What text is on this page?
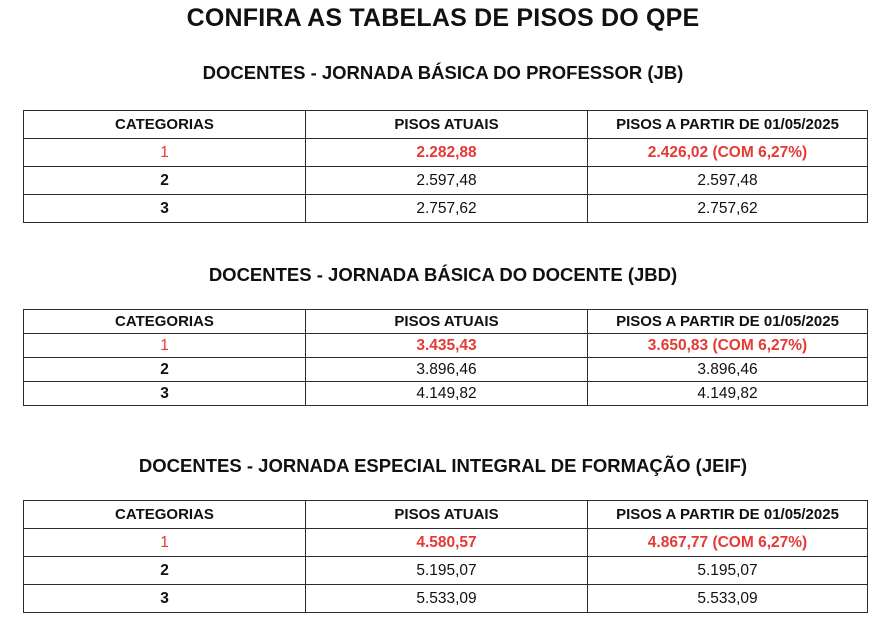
CONFIRA AS TABELAS DE PISOS DO QPE
DOCENTES - JORNADA BÁSICA DO PROFESSOR (JB)
CATEGORIAS	PISOS ATUAIS	PISOS A PARTIR DE 01/05/2025
1	2.282,88	2.426,02 (COM 6,27%)
2	2.597,48	2.597,48
3	2.757,62	2.757,62
DOCENTES - JORNADA BÁSICA DO DOCENTE (JBD)
CATEGORIAS	PISOS ATUAIS	PISOS A PARTIR DE 01/05/2025
1	3.435,43	3.650,83 (COM 6,27%)
2	3.896,46	3.896,46
3	4.149,82	4.149,82
DOCENTES - JORNADA ESPECIAL INTEGRAL DE FORMAÇÃO (JEIF)
CATEGORIAS	PISOS ATUAIS	PISOS A PARTIR DE 01/05/2025
1	4.580,57	4.867,77 (COM 6,27%)
2	5.195,07	5.195,07
3	5.533,09	5.533,09
